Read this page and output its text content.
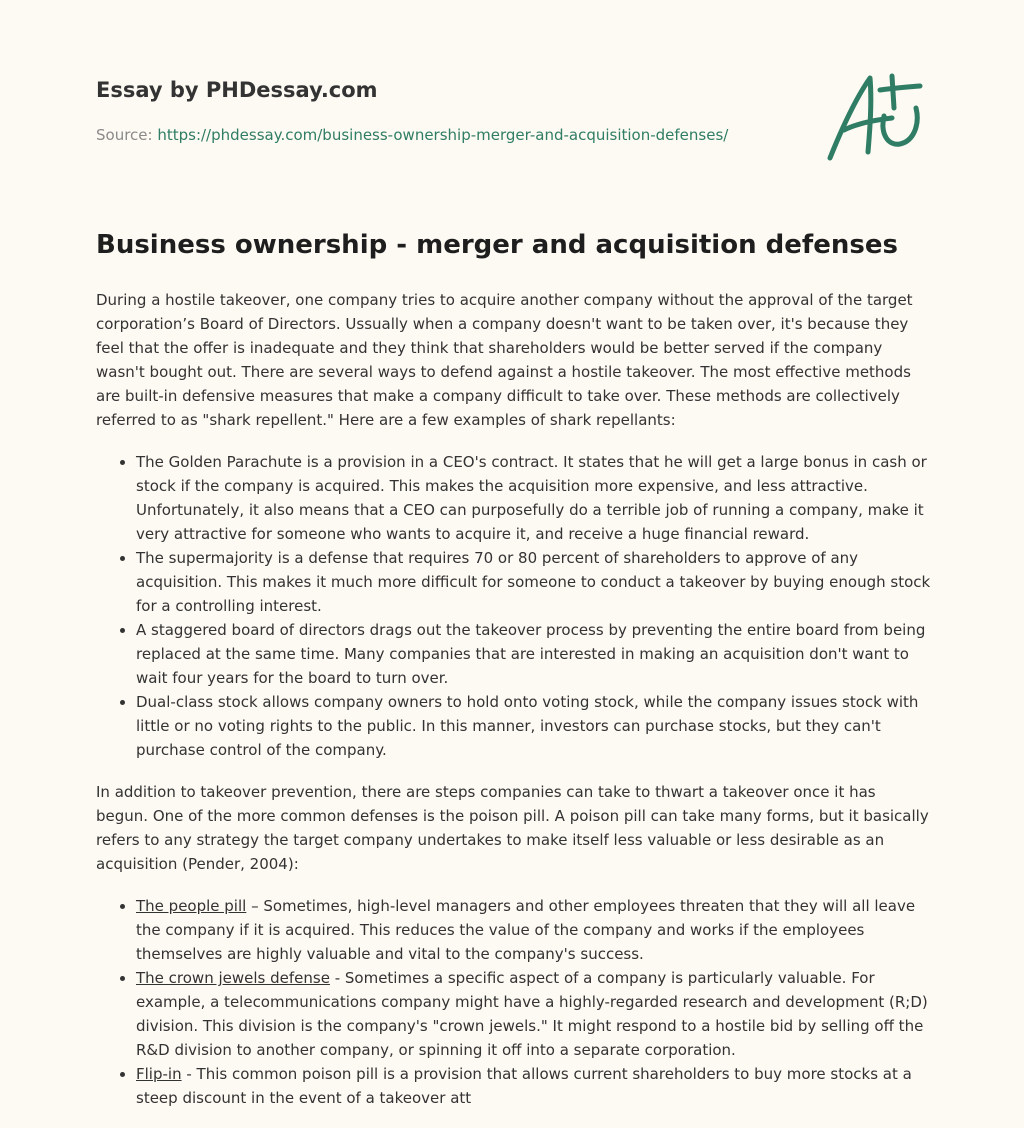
Essay by PHDessay.com
Source: https://phdessay.com/business-ownership-merger-and-acquisition-defenses/
Business ownership - merger and acquisition defenses

During a hostile takeover, one company tries to acquire another company without the approval of the target corporation’s Board of Directors. Ussually when a company doesn't want to be taken over, it's because they feel that the offer is inadequate and they think that shareholders would be better served if the company wasn't bought out. There are several ways to defend against a hostile takeover. The most effective methods are built-in defensive measures that make a company difficult to take over. These methods are collectively referred to as "shark repellent." Here are a few examples of shark repellants:

• The Golden Parachute is a provision in a CEO's contract. It states that he will get a large bonus in cash or stock if the company is acquired. This makes the acquisition more expensive, and less attractive. Unfortunately, it also means that a CEO can purposefully do a terrible job of running a company, make it very attractive for someone who wants to acquire it, and receive a huge financial reward.
• The supermajority is a defense that requires 70 or 80 percent of shareholders to approve of any acquisition. This makes it much more difficult for someone to conduct a takeover by buying enough stock for a controlling interest.
• A staggered board of directors drags out the takeover process by preventing the entire board from being replaced at the same time. Many companies that are interested in making an acquisition don't want to wait four years for the board to turn over.
• Dual-class stock allows company owners to hold onto voting stock, while the company issues stock with little or no voting rights to the public. In this manner, investors can purchase stocks, but they can't purchase control of the company.

In addition to takeover prevention, there are steps companies can take to thwart a takeover once it has begun. One of the more common defenses is the poison pill. A poison pill can take many forms, but it basically refers to any strategy the target company undertakes to make itself less valuable or less desirable as an acquisition (Pender, 2004):

• The people pill – Sometimes, high-level managers and other employees threaten that they will all leave the company if it is acquired. This reduces the value of the company and works if the employees themselves are highly valuable and vital to the company's success.
• The crown jewels defense - Sometimes a specific aspect of a company is particularly valuable. For example, a telecommunications company might have a highly-regarded research and development (R;D) division. This division is the company's "crown jewels." It might respond to a hostile bid by selling off the R&D division to another company, or spinning it off into a separate corporation.
• Flip-in - This common poison pill is a provision that allows current shareholders to buy more stocks at a steep discount in the event of a takeover att
